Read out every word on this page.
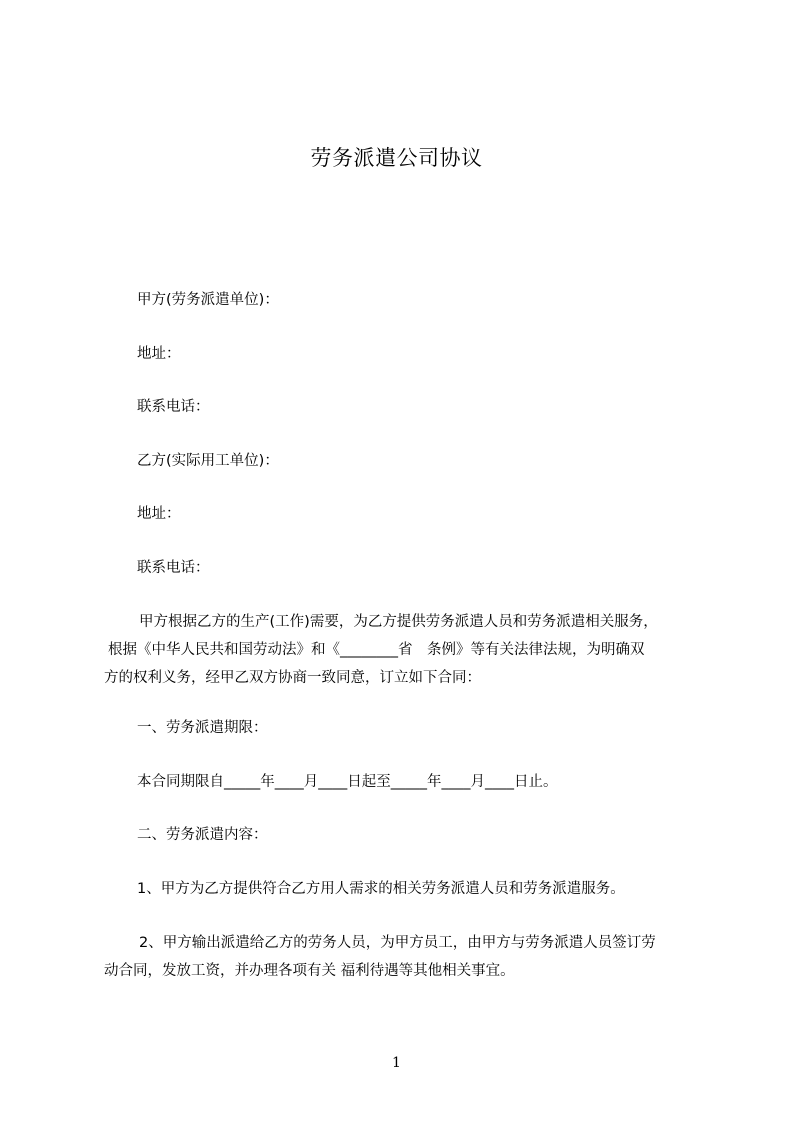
劳务派遣公司协议
甲方(劳务派遣单位)：
地址：
联系电话：
乙方(实际用工单位)：
地址：
联系电话：
甲方根据乙方的生产(工作)需要，为乙方提供劳务派遣人员和劳务派遣相关服务，
根据《中华人民共和国劳动法》和《________省　条例》等有关法律法规，为明确双
方的权利义务，经甲乙双方协商一致同意，订立如下合同：
一、劳务派遣期限：
本合同期限自_____年____月____日起至_____年____月____日止。
二、劳务派遣内容：
1、甲方为乙方提供符合乙方用人需求的相关劳务派遣人员和劳务派遣服务。
2、甲方输出派遣给乙方的劳务人员，为甲方员工，由甲方与劳务派遣人员签订劳
动合同，发放工资，并办理各项有关 福利待遇等其他相关事宜。
1
